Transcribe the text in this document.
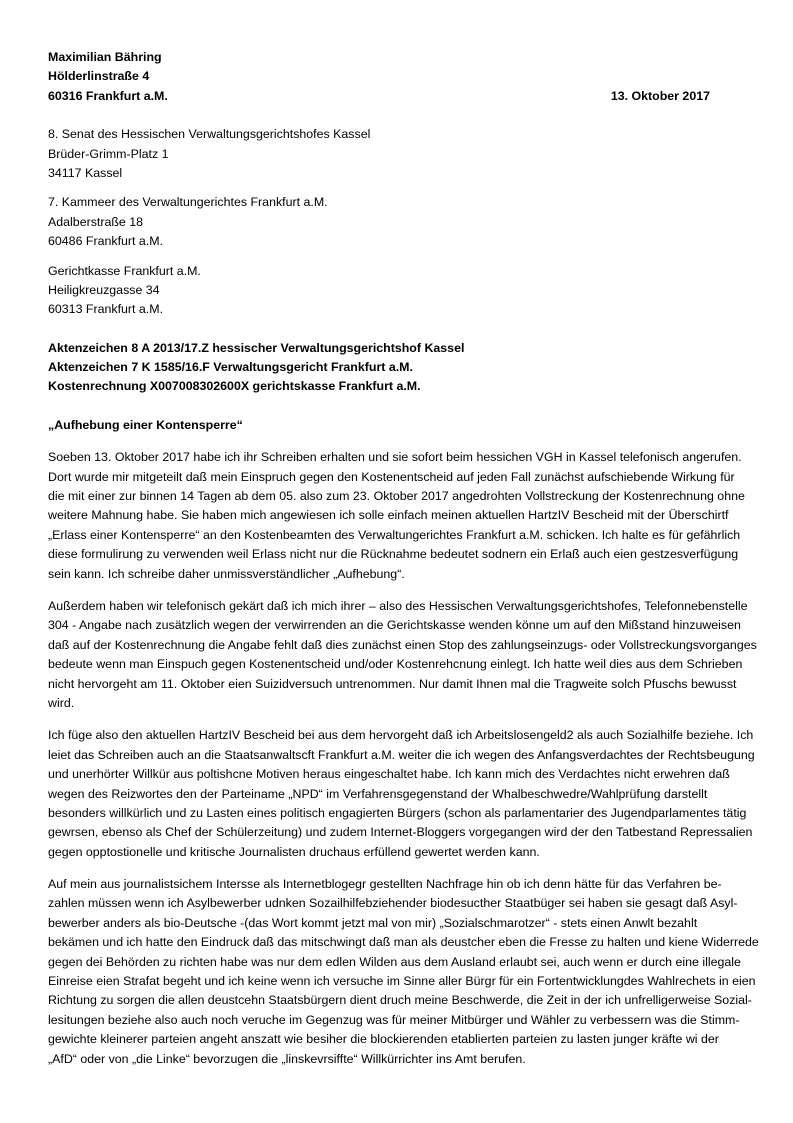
Maximilian Bähring
Hölderlinstraße 4
60316 Frankfurt a.M.	13. Oktober 2017
8. Senat des Hessischen Verwaltungsgerichtshofes Kassel
Brüder-Grimm-Platz 1
34117 Kassel
7. Kammeer des Verwaltungerichtes Frankfurt a.M.
Adalberstraße 18
60486 Frankfurt a.M.
Gerichtkasse Frankfurt a.M.
Heiligkreuzgasse 34
60313 Frankfurt a.M.
Aktenzeichen 8 A 2013/17.Z hessischer Verwaltungsgerichtshof Kassel
Aktenzeichen 7 K 1585/16.F Verwaltungsgericht Frankfurt a.M.
Kostenrechnung X007008302600X gerichtskasse Frankfurt a.M.
„Aufhebung einer Kontensperre“
Soeben 13. Oktober 2017 habe ich ihr Schreiben erhalten und sie sofort beim hessichen VGH in Kassel telefonisch angerufen.
Dort wurde mir mitgeteilt daß mein Einspruch gegen den Kostenentscheid auf jeden Fall zunächst aufschiebende Wirkung für
die mit einer zur binnen 14 Tagen ab dem 05. also zum 23. Oktober 2017 angedrohten Vollstreckung der Kostenrechnung ohne
weitere Mahnung habe. Sie haben mich angewiesen ich solle einfach meinen aktuellen HartzIV Bescheid mit der Überschirtf
„Erlass einer Kontensperre“ an den Kostenbeamten des Verwaltungerichtes Frankfurt a.M. schicken. Ich halte es für gefährlich
diese formulirung zu verwenden weil Erlass nicht nur die Rücknahme bedeutet sodnern ein Erlaß auch eien gestzesverfügung
sein kann. Ich schreibe daher unmissverständlicher „Aufhebung“.
Außerdem haben wir telefonisch gekärt daß ich mich ihrer – also des Hessischen Verwaltungsgerichtshofes, Telefonnebenstelle
304 - Angabe nach zusätzlich wegen der verwirrenden an die Gerichtskasse wenden könne um auf den Mißstand hinzuweisen
daß auf der Kostenrechnung die Angabe fehlt daß dies zunächst einen Stop des zahlungseinzugs- oder Vollstreckungsvorganges
bedeute wenn man Einspuch gegen Kostenentscheid und/oder Kostenrehcnung einlegt. Ich hatte weil dies aus dem Schrieben
nicht hervorgeht am 11. Oktober eien Suizidversuch untrenommen. Nur damit Ihnen mal die Tragweite solch Pfuschs bewusst
wird.
Ich füge also den aktuellen HartzIV Bescheid bei aus dem hervorgeht daß ich Arbeitslosengeld2 als auch Sozialhilfe beziehe. Ich
leiet das Schreiben auch an die Staatsanwaltscft Frankfurt a.M. weiter die ich wegen des Anfangsverdachtes der Rechtsbeugung
und unerhörter Willkür aus poltishcne Motiven heraus eingeschaltet habe. Ich kann mich des Verdachtes nicht erwehren daß
wegen des Reizwortes den der Parteiname „NPD“ im Verfahrensgegenstand der Whalbeschwedre/Wahlprüfung darstellt
besonders willkürlich und zu Lasten eines politisch engagierten Bürgers (schon als parlamentarier des Jugendparlamentes tätig
gewrsen, ebenso als Chef der Schülerzeitung) und zudem Internet-Bloggers vorgegangen wird der den Tatbestand Repressalien
gegen opptostionelle und kritische Journalisten druchaus erfüllend gewertet werden kann.
Auf mein aus journalistsichem Intersse als Internetblogegr gestellten Nachfrage hin ob ich denn hätte für das Verfahren be-
zahlen müssen wenn ich Asylbewerber udnken Sozailhilfebziehender biodesucther Staatbüger sei haben sie gesagt daß Asyl-
bewerber anders als bio-Deutsche -(das Wort kommt jetzt mal von mir) „Sozialschmarotzer“ - stets einen Anwlt bezahlt
bekämen und ich hatte den Eindruck daß das mitschwingt daß man als deustcher eben die Fresse zu halten und kiene Widerrede
gegen dei Behörden zu richten habe was nur dem edlen Wilden aus dem Ausland erlaubt sei, auch wenn er durch eine illegale
Einreise eien Strafat begeht und ich keine wenn ich versuche im Sinne aller Bürgr für ein Fortentwicklungdes Wahlrechets in eien
Richtung zu sorgen die allen deustcehn Staatsbürgern dient druch meine Beschwerde, die Zeit in der ich unfrelligerweise Sozial-
lesitungen beziehe also auch noch veruche im Gegenzug was für meiner Mitbürger und Wähler zu verbessern was die Stimm-
gewichte kleinerer parteien angeht anszatt wie besiher die blockierenden etablierten parteien zu lasten junger kräfte wi der
„AfD“ oder von „die Linke“ bevorzugen die „linskevrsiffte“ Willkürrichter ins Amt berufen.
